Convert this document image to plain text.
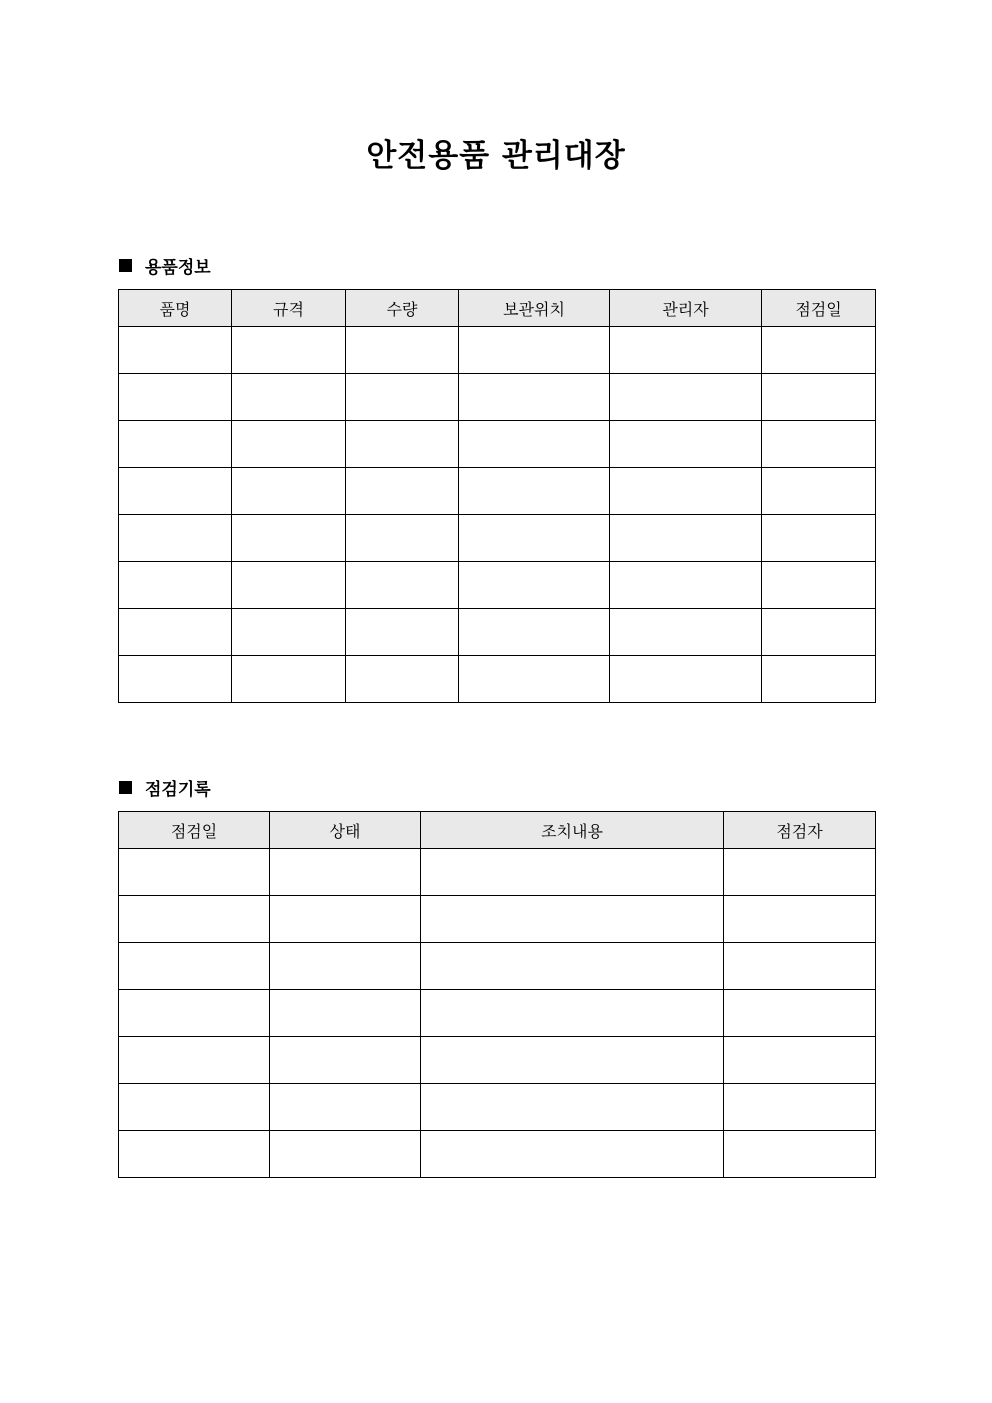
안전용품 관리대장
용품정보
품명	규격	수량	보관위치	관리자	점검일

점검기록
점검일	상태	조치내용	점검자
